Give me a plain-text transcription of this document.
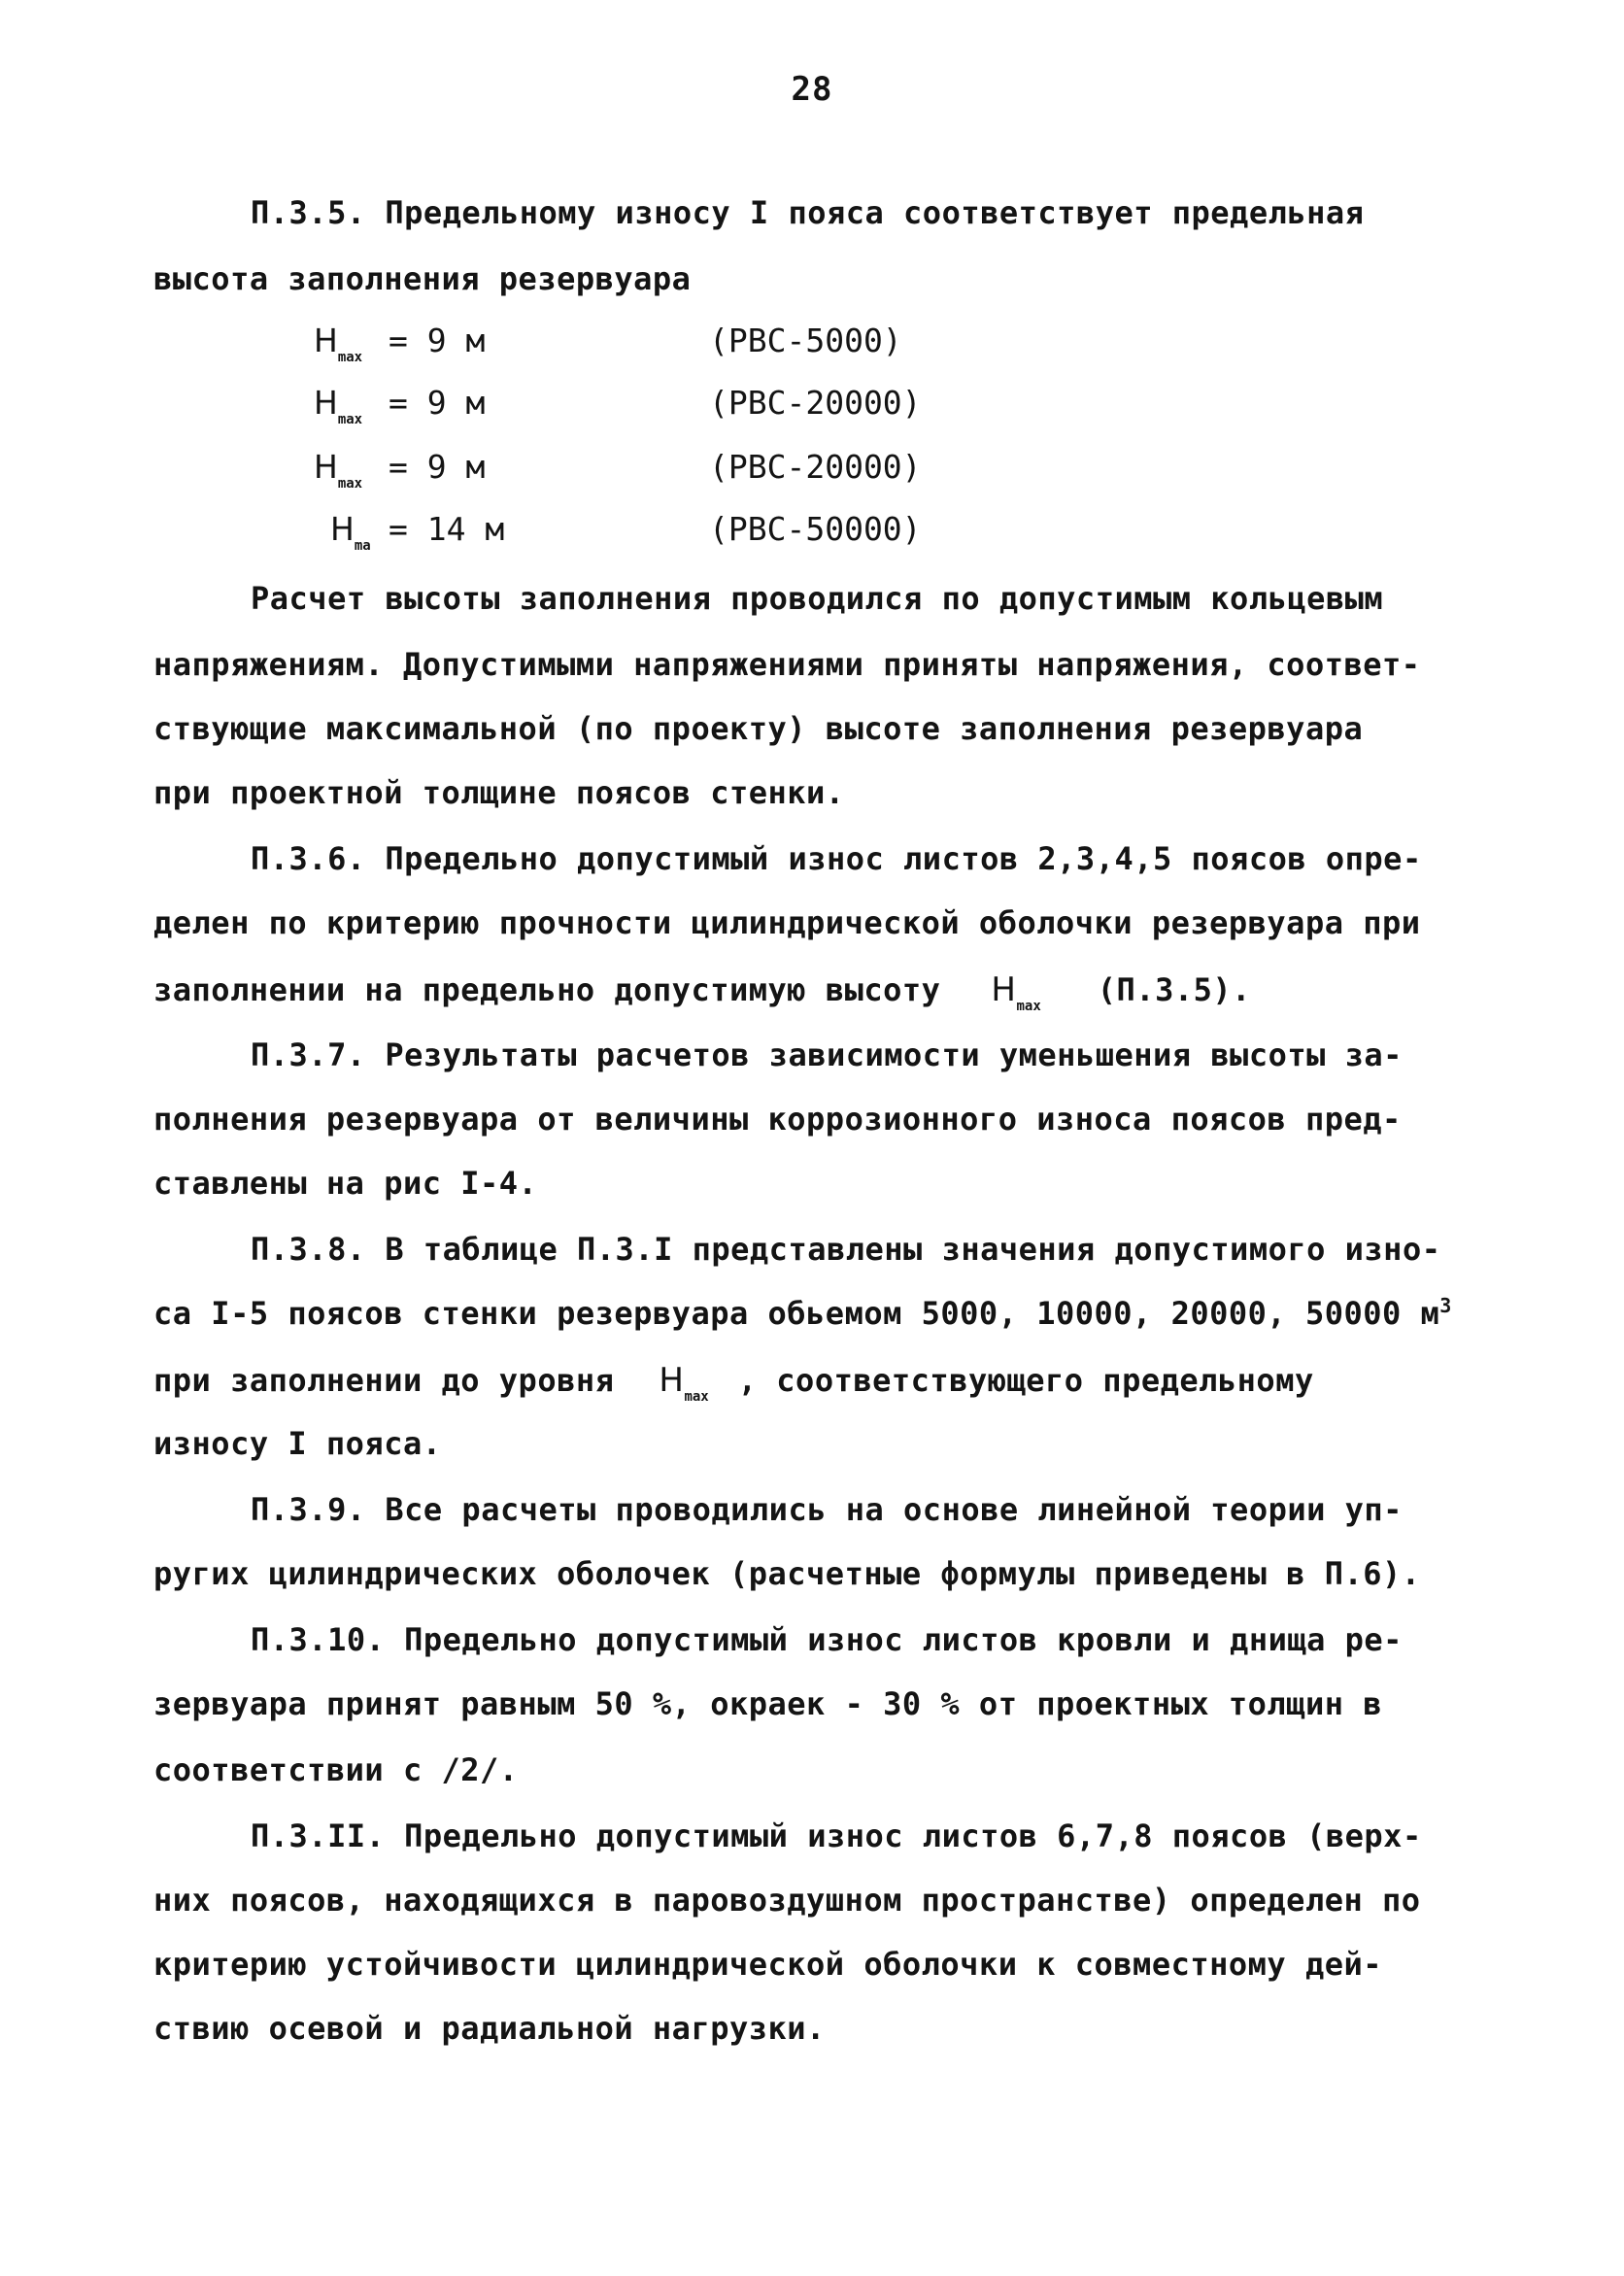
28
П.3.5. Предельному износу I пояса соответствует предельная
высота заполнения резервуара
$H_{max} = 9$ м	(РВС-5000)
$H_{max} = 9$ м	(РВС-20000)
$H_{max} = 9$ м	(РВС-20000)
$H_{ma} = 14$ м	(РВС-50000)
Расчет высоты заполнения проводился по допустимым кольцевым
напряжениям. Допустимыми напряжениями приняты напряжения, соответ-
ствующие максимальной (по проекту) высоте заполнения резервуара
при проектной толщине поясов стенки.
П.3.6. Предельно допустимый износ листов 2,3,4,5 поясов опре-
делен по критерию прочности цилиндрической оболочки резервуара при
заполнении на предельно допустимую высоту $H_{max}$ (П.3.5).
П.3.7. Результаты расчетов зависимости уменьшения высоты за-
полнения резервуара от величины коррозионного износа поясов пред-
ставлены на рис I-4.
П.3.8. В таблице П.3.I представлены значения допустимого изно-
са I-5 поясов стенки резервуара обьемом 5000, 10000, 20000, 50000 $м^3$
при заполнении до уровня $H_{max}$ , соответствующего предельному
износу I пояса.
П.3.9. Все расчеты проводились на основе линейной теории уп-
ругих цилиндрических оболочек (расчетные формулы приведены в П.6).
П.3.10. Предельно допустимый износ листов кровли и днища ре-
зервуара принят равным 50 %, окраек - 30 % от проектных толщин в
соответствии с /2/.
П.3.II. Предельно допустимый износ листов 6,7,8 поясов (верх-
них поясов, находящихся в паровоздушном пространстве) определен по
критерию устойчивости цилиндрической оболочки к совместному дей-
ствию осевой и радиальной нагрузки.
